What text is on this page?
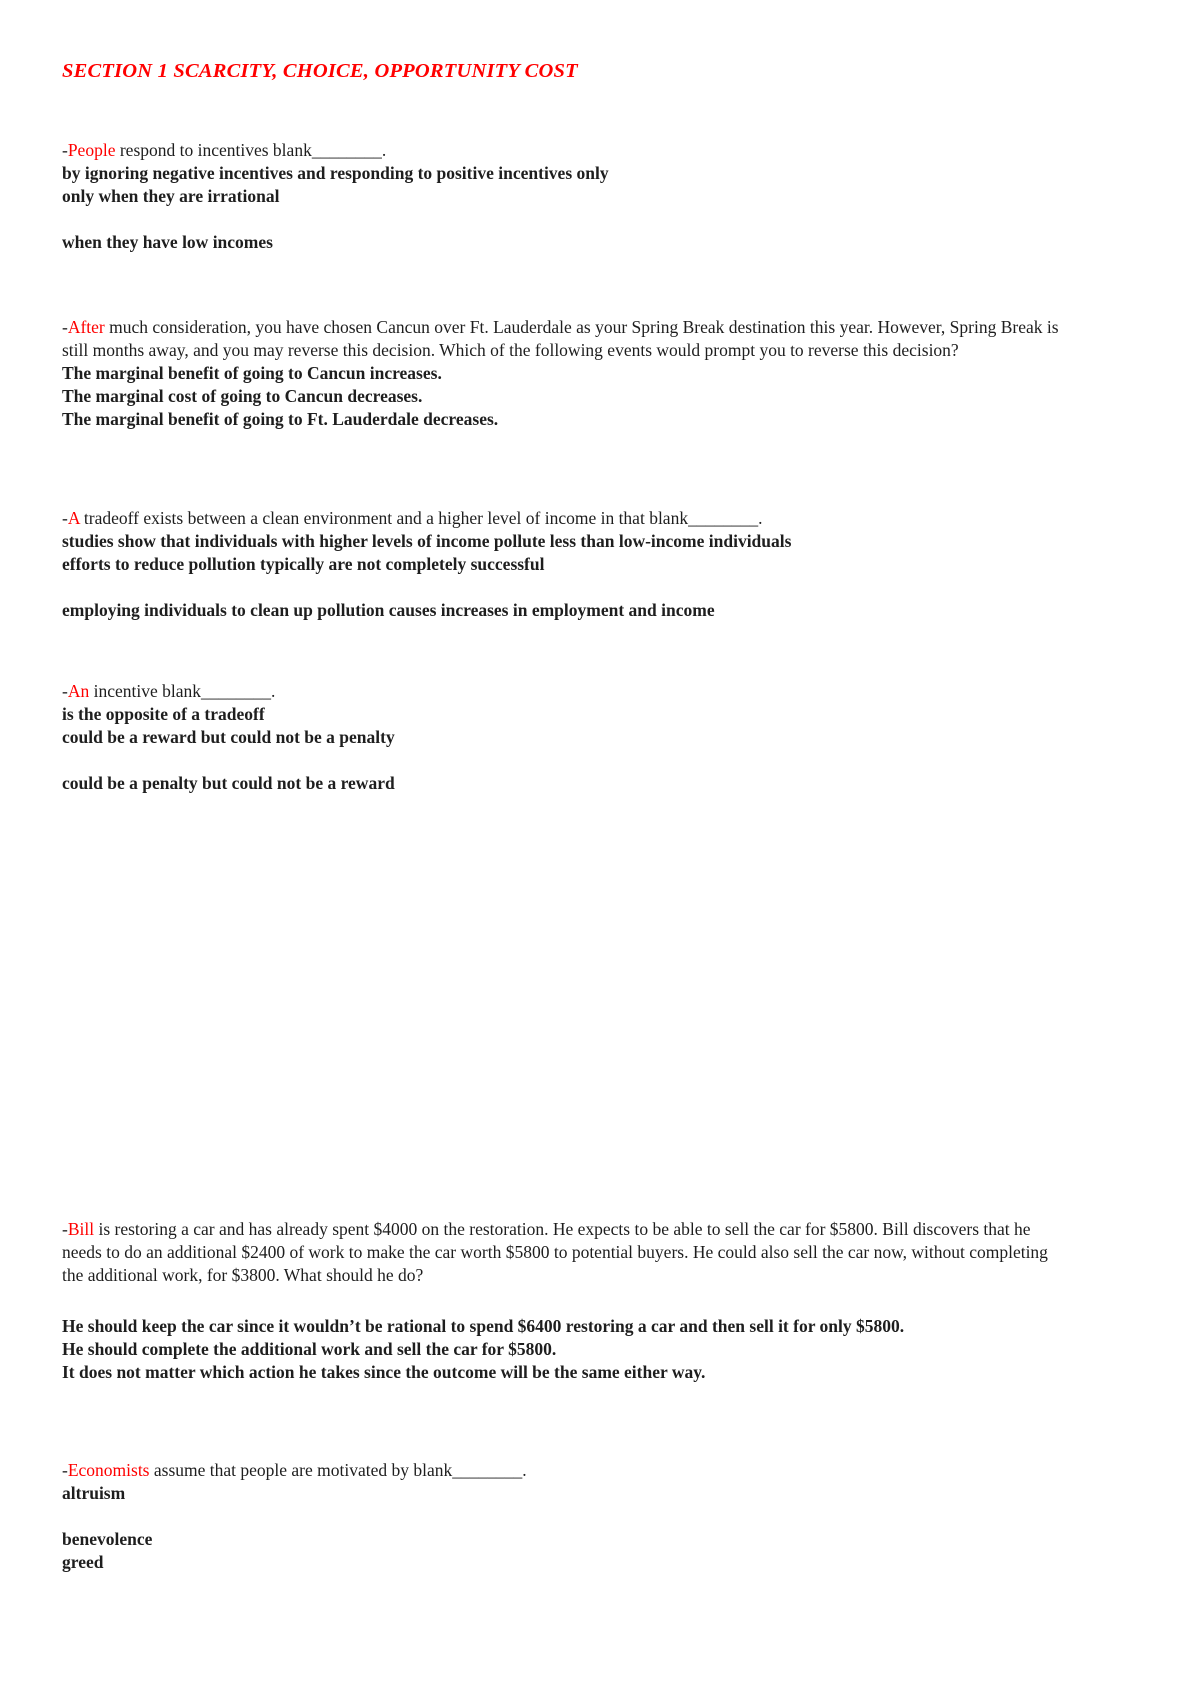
SECTION 1 SCARCITY, CHOICE, OPPORTUNITY COST

-People respond to incentives blank________.

by ignoring negative incentives and responding to positive incentives only

only when they are irrational

when they have low incomes

-After much consideration, you have chosen Cancun over Ft. Lauderdale as your Spring Break destination this year. However, Spring Break is still months away, and you may reverse this decision. Which of the following events would prompt you to reverse this decision?

The marginal benefit of going to Cancun increases.

The marginal cost of going to Cancun decreases.

The marginal benefit of going to Ft. Lauderdale decreases.

-A tradeoff exists between a clean environment and a higher level of income in that blank________.

studies show that individuals with higher levels of income pollute less than low-income individuals

efforts to reduce pollution typically are not completely successful

employing individuals to clean up pollution causes increases in employment and income

-An incentive blank________.

is the opposite of a tradeoff

could be a reward but could not be a penalty

could be a penalty but could not be a reward

-Bill is restoring a car and has already spent $4000 on the restoration. He expects to be able to sell the car for $5800. Bill discovers that he needs to do an additional $2400 of work to make the car worth $5800 to potential buyers. He could also sell the car now, without completing the additional work, for $3800. What should he do?

He should keep the car since it wouldn’t be rational to spend $6400 restoring a car and then sell it for only $5800.

He should complete the additional work and sell the car for $5800.

It does not matter which action he takes since the outcome will be the same either way.

-Economists assume that people are motivated by blank________.

altruism

benevolence

greed
